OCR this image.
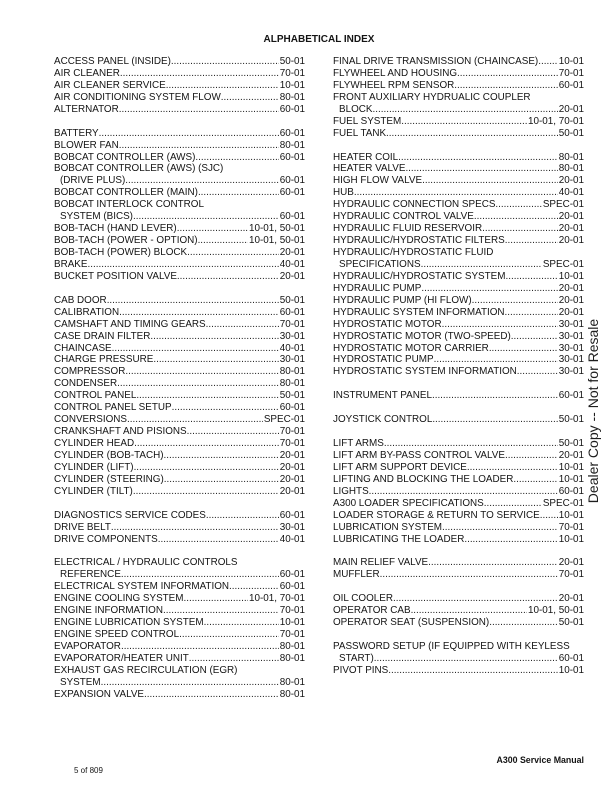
ALPHABETICAL INDEX
ACCESS PANEL (INSIDE) .....	50-01
AIR CLEANER .....	70-01
AIR CLEANER SERVICE .....	10-01
AIR CONDITIONING SYSTEM FLOW .....	80-01
ALTERNATOR .....	60-01
BATTERY .....	60-01
BLOWER FAN .....	80-01
BOBCAT CONTROLLER (AWS) .....	60-01
BOBCAT CONTROLLER (AWS) (SJC)
(DRIVE PLUS) .....	60-01
BOBCAT CONTROLLER (MAIN) .....	60-01
BOBCAT INTERLOCK CONTROL
SYSTEM (BICS) .....	60-01
BOB-TACH (HAND LEVER) .....	10-01, 50-01
BOB-TACH (POWER - OPTION) .....	10-01, 50-01
BOB-TACH (POWER) BLOCK .....	20-01
BRAKE .....	40-01
BUCKET POSITION VALVE .....	20-01
CAB DOOR .....	50-01
CALIBRATION .....	60-01
CAMSHAFT AND TIMING GEARS .....	70-01
CASE DRAIN FILTER .....	30-01
CHAINCASE .....	40-01
CHARGE PRESSURE .....	30-01
COMPRESSOR .....	80-01
CONDENSER .....	80-01
CONTROL PANEL .....	50-01
CONTROL PANEL SETUP .....	60-01
CONVERSIONS .....	SPEC-01
CRANKSHAFT AND PISIONS .....	70-01
CYLINDER HEAD .....	70-01
CYLINDER (BOB-TACH) .....	20-01
CYLINDER (LIFT) .....	20-01
CYLINDER (STEERING) .....	20-01
CYLINDER (TILT) .....	20-01
DIAGNOSTICS SERVICE CODES .....	60-01
DRIVE BELT .....	30-01
DRIVE COMPONENTS .....	40-01
ELECTRICAL / HYDRAULIC CONTROLS
REFERENCE .....	60-01
ELECTRICAL SYSTEM INFORMATION .....	60-01
ENGINE COOLING SYSTEM .....	10-01, 70-01
ENGINE INFORMATION .....	70-01
ENGINE LUBRICATION SYSTEM .....	10-01
ENGINE SPEED CONTROL .....	70-01
EVAPORATOR .....	80-01
EVAPORATOR/HEATER UNIT .....	80-01
EXHAUST GAS RECIRCULATION (EGR)
SYSTEM .....	80-01
EXPANSION VALVE .....	80-01
FINAL DRIVE TRANSMISSION (CHAINCASE) ..... 10-01
FLYWHEEL AND HOUSING .....	70-01
FLYWHEEL RPM SENSOR .....	60-01
FRONT AUXILIARY HYDRUALIC COUPLER
BLOCK .....	20-01
FUEL SYSTEM .....	10-01, 70-01
FUEL TANK .....	50-01
HEATER COIL .....	80-01
HEATER VALVE .....	80-01
HIGH FLOW VALVE .....	20-01
HUB .....	40-01
HYDRAULIC CONNECTION SPECS .....	SPEC-01
HYDRAULIC CONTROL VALVE .....	20-01
HYDRAULIC FLUID RESERVOIR .....	20-01
HYDRAULIC/HYDROSTATIC FILTERS .....	20-01
HYDRAULIC/HYDROSTATIC FLUID
SPECIFICATIONS .....	SPEC-01
HYDRAULIC/HYDROSTATIC SYSTEM .....	10-01
HYDRAULIC PUMP .....	20-01
HYDRAULIC PUMP (HI FLOW) .....	20-01
HYDRAULIC SYSTEM INFORMATION .....	20-01
HYDROSTATIC MOTOR .....	30-01
HYDROSTATIC MOTOR (TWO-SPEED) .....	30-01
HYDROSTATIC MOTOR CARRIER .....	30-01
HYDROSTATIC PUMP .....	30-01
HYDROSTATIC SYSTEM INFORMATION .....	30-01
INSTRUMENT PANEL .....	60-01
JOYSTICK CONTROL .....	50-01
LIFT ARMS .....	50-01
LIFT ARM BY-PASS CONTROL VALVE .....	20-01
LIFT ARM SUPPORT DEVICE .....	10-01
LIFTING AND BLOCKING THE LOADER .....	10-01
LIGHTS .....	60-01
A300 LOADER SPECIFICATIONS .....	SPEC-01
LOADER STORAGE & RETURN TO SERVICE ..... 10-01
LUBRICATION SYSTEM .....	70-01
LUBRICATING THE LOADER .....	10-01
MAIN RELIEF VALVE .....	20-01
MUFFLER .....	70-01
OIL COOLER .....	20-01
OPERATOR CAB .....	10-01, 50-01
OPERATOR SEAT (SUSPENSION) .....	50-01
PASSWORD SETUP (IF EQUIPPED WITH KEYLESS
START) .....	60-01
PIVOT PINS .....	10-01
Dealer Copy -- Not for Resale
A300 Service Manual
5 of 809
